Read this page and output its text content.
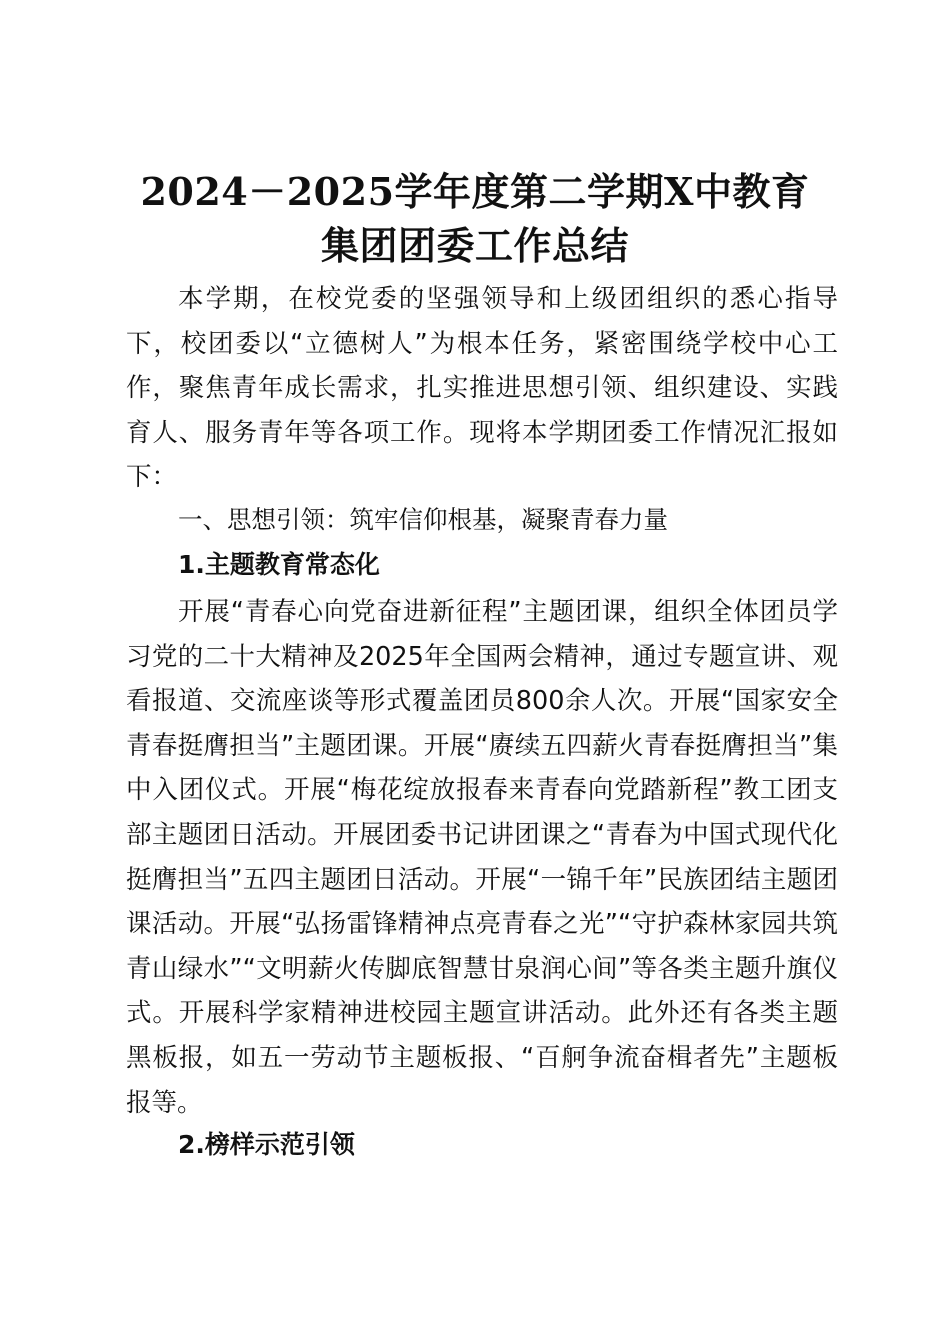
2024－2025学年度第二学期X中教育
集团团委工作总结

本学期，在校党委的坚强领导和上级团组织的悉心指导下，校团委以“立德树人”为根本任务，紧密围绕学校中心工作，聚焦青年成长需求，扎实推进思想引领、组织建设、实践育人、服务青年等各项工作。现将本学期团委工作情况汇报如下：

一、思想引领：筑牢信仰根基，凝聚青春力量
1.主题教育常态化

开展“青春心向党奋进新征程”主题团课，组织全体团员学习党的二十大精神及2025年全国两会精神，通过专题宣讲、观看报道、交流座谈等形式覆盖团员800余人次。开展“国家安全青春挺膺担当”主题团课。开展“赓续五四薪火青春挺膺担当”集中入团仪式。开展“梅花绽放报春来青春向党踏新程”教工团支部主题团日活动。开展团委书记讲团课之“青春为中国式现代化挺膺担当”五四主题团日活动。开展“一锦千年”民族团结主题团课活动。开展“弘扬雷锋精神点亮青春之光”“守护森林家园共筑青山绿水”“文明薪火传脚底智慧甘泉润心间”等各类主题升旗仪式。开展科学家精神进校园主题宣讲活动。此外还有各类主题黑板报，如五一劳动节主题板报、“百舸争流奋楫者先”主题板报等。

2.榜样示范引领
